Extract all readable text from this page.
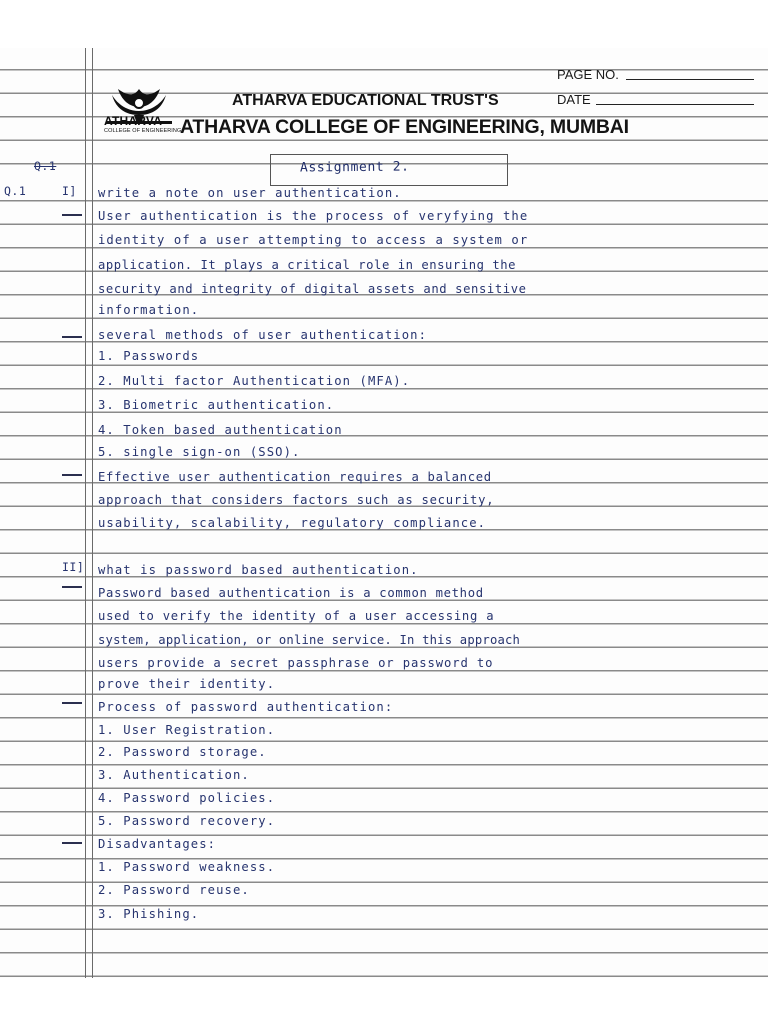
ATHARVA
COLLEGE OF ENGINEERING
ATHARVA EDUCATIONAL TRUST'S
ATHARVA COLLEGE OF ENGINEERING, MUMBAI
PAGE NO.
DATE
Assignment 2.
Q.1
Q.1	I]
II]
write a note on user authentication.
User authentication is the process of veryfying the
identity of a user attempting to access a system or
application. It plays a critical role in ensuring the
security and integrity of digital assets and sensitive
information.
several methods of user authentication:
1. Passwords
2. Multi factor Authentication (MFA).
3. Biometric authentication.
4. Token based authentication
5. single sign-on (SSO).
Effective user authentication requires a balanced
approach that considers factors such as security,
usability, scalability, regulatory compliance.
what is password based authentication.
Password based authentication is a common method
used to verify the identity of a user accessing a
system, application, or online service. In this approach
users provide a secret passphrase or password to
prove their identity.
Process of password authentication:
1. User Registration.
2. Password storage.
3. Authentication.
4. Password policies.
5. Password recovery.
Disadvantages:
1. Password weakness.
2. Password reuse.
3. Phishing.
